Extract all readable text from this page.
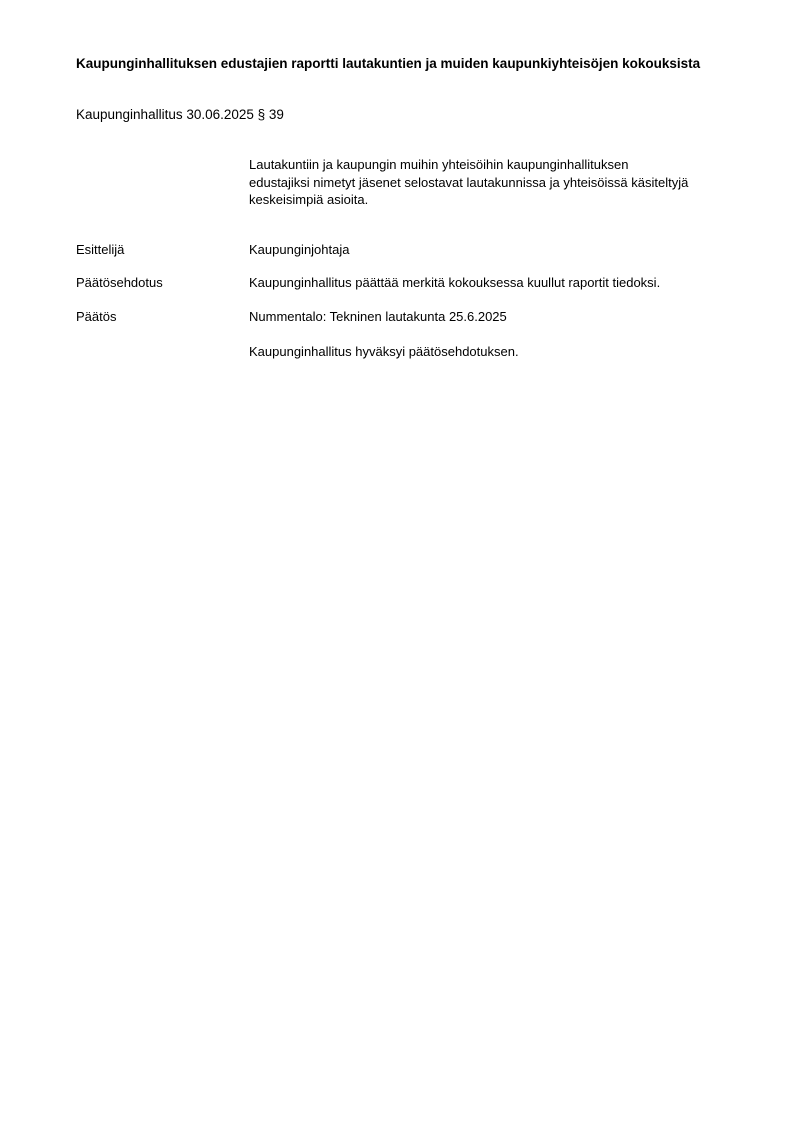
Kaupunginhallituksen edustajien raportti lautakuntien ja muiden kaupunkiyhteisöjen kokouksista
Kaupunginhallitus 30.06.2025 § 39
Lautakuntiin ja kaupungin muihin yhteisöihin kaupunginhallituksen edustajiksi nimetyt jäsenet selostavat lautakunnissa ja yhteisöissä käsiteltyjä keskeisimpiä asioita.
Esittelijä	Kaupunginjohtaja
Päätösehdotus	Kaupunginhallitus päättää merkitä kokouksessa kuullut raportit tiedoksi.
Päätös	Nummentalo: Tekninen lautakunta 25.6.2025
Kaupunginhallitus hyväksyi päätösehdotuksen.
